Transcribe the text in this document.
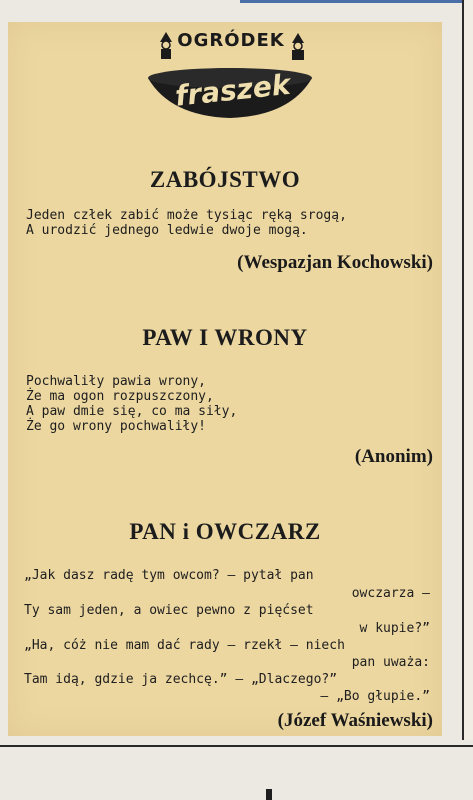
OGRÓDEK
fraszek
ZABÓJSTWO
Jeden człek zabić może tysiąc ręką srogą,
A urodzić jednego ledwie dwoje mogą.

(Wespazjan Kochowski)

PAW I WRONY
Pochwaliły pawia wrony,
Że ma ogon rozpuszczony,
A paw dmie się, co ma siły,
Że go wrony pochwaliły!

(Anonim)

PAN i OWCZARZ

„Jak dasz radę tym owcom? — pytał pan

owczarza —

Ty sam jeden, a owiec pewno z pięćset

w kupie?”

„Ha, cóż nie mam dać rady — rzekł — niech

pan uważa:

Tam idą, gdzie ja zechcę.” — „Dlaczego?”

— „Bo głupie.”

(Józef Waśniewski)
